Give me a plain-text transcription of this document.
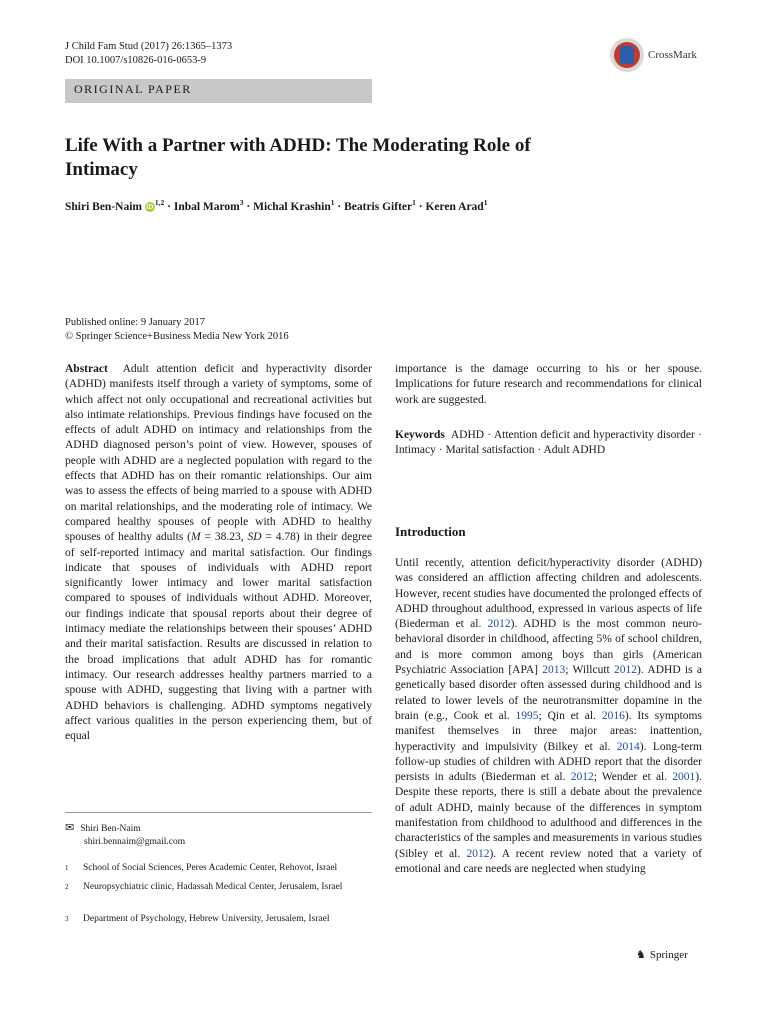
J Child Fam Stud (2017) 26:1365–1373
DOI 10.1007/s10826-016-0653-9	CrossMark
ORIGINAL PAPER
Life With a Partner with ADHD: The Moderating Role of Intimacy
Shiri Ben-Naim iD$^{1,2}$ · Inbal Marom$^3$ · Michal Krashin$^1$ · Beatris Gifter$^1$ · Keren Arad$^1$
Published online: 9 January 2017
© Springer Science+Business Media New York 2016

Abstract Adult attention deficit and hyperactivity disorder (ADHD) manifests itself through a variety of symptoms, some of which affect not only occupational and recreational activities but also intimate relationships. Previous findings have focused on the effects of adult ADHD on intimacy and relationships from the ADHD diagnosed person’s point of view. However, spouses of people with ADHD are a neglected population with regard to the effects that ADHD has on their romantic relationships. Our aim was to assess the effects of being married to a spouse with ADHD on marital relationships, and the moderating role of intimacy. We compared healthy spouses of people with ADHD to healthy spouses of healthy adults (M = 38.23, SD = 4.78) in their degree of self-reported intimacy and marital satisfaction. Our findings indicate that spouses of individuals with ADHD report significantly lower intimacy and lower marital satisfaction compared to spouses of individuals without ADHD. Moreover, our findings indicate that spousal reports about their degree of intimacy mediate the relationships between their spouses’ ADHD and their marital satisfaction. Results are discussed in relation to the broad implications that adult ADHD has for romantic intimacy. Our research addresses healthy partners married to a spouse with ADHD, suggesting that living with a partner with ADHD behaviors is challenging. ADHD symptoms negatively affect various qualities in the person experiencing them, but of equal

importance is the damage occurring to his or her spouse. Implications for future research and recommendations for clinical work are suggested.
Keywords ADHD · Attention deficit and hyperactivity disorder · Intimacy · Marital satisfaction · Adult ADHD
Introduction

Until recently, attention deficit/hyperactivity disorder (ADHD) was considered an affliction affecting children and adolescents. However, recent studies have documented the prolonged effects of ADHD throughout adulthood, expressed in various aspects of life (Biederman et al. 2012). ADHD is the most common neuro-behavioral disorder in childhood, affecting 5% of school children, and is more common among boys than girls (American Psychiatric Association [APA] 2013; Willcutt 2012). ADHD is a genetically based disorder often assessed during childhood and is related to lower levels of the neurotransmitter dopamine in the brain (e.g., Cook et al. 1995; Qin et al. 2016). Its symptoms manifest themselves in three major areas: inattention, hyperactivity and impulsivity (Bilkey et al. 2014). Long-term follow-up studies of children with ADHD report that the disorder persists in adults (Biederman et al. 2012; Wender et al. 2001). Despite these reports, there is still a debate about the prevalence of adult ADHD, mainly because of the differences in symptom manifestation from childhood to adulthood and differences in the characteristics of the samples and measurements in various studies (Sibley et al. 2012). A recent review noted that a variety of emotional and care needs are neglected when studying

✉ Shiri Ben-Naim
shiri.bennaim@gmail.com
1	School of Social Sciences, Peres Academic Center, Rehovot, Israel
2	Neuropsychiatric clinic, Hadassah Medical Center, Jerusalem, Israel
3	Department of Psychology, Hebrew University, Jerusalem, Israel
♞ Springer
